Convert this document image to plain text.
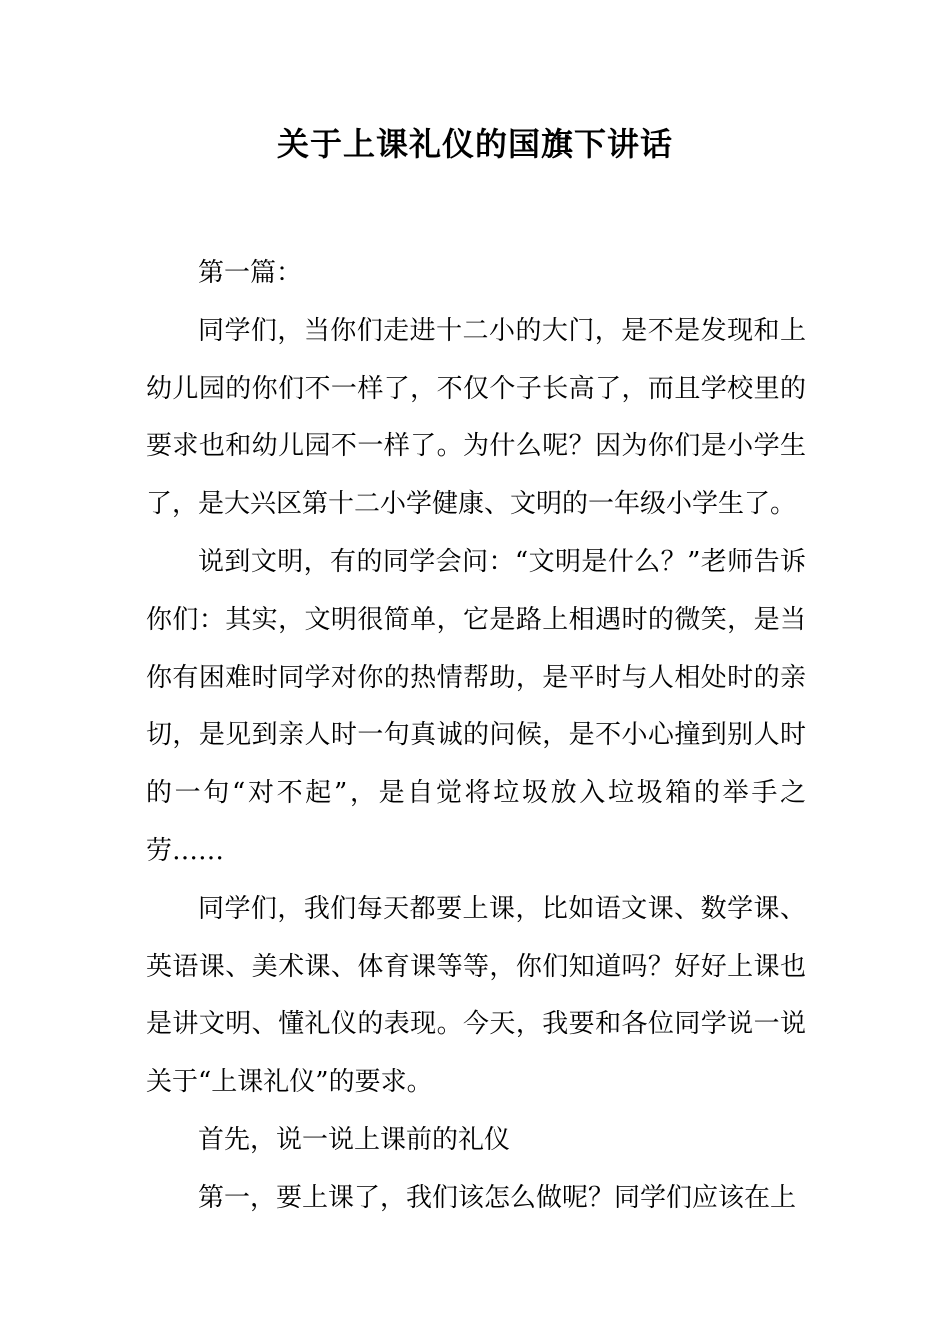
关于上课礼仪的国旗下讲话

第一篇：

同学们，当你们走进十二小的大门，是不是发现和上幼儿园的你们不一样了，不仅个子长高了，而且学校里的要求也和幼儿园不一样了。为什么呢？因为你们是小学生了，是大兴区第十二小学健康、文明的一年级小学生了。

说到文明，有的同学会问：“文明是什么？”老师告诉你们：其实，文明很简单，它是路上相遇时的微笑，是当你有困难时同学对你的热情帮助，是平时与人相处时的亲切，是见到亲人时一句真诚的问候，是不小心撞到别人时的一句“对不起”，是自觉将垃圾放入垃圾箱的举手之劳……

同学们，我们每天都要上课，比如语文课、数学课、英语课、美术课、体育课等等，你们知道吗？好好上课也是讲文明、懂礼仪的表现。今天，我要和各位同学说一说关于“上课礼仪”的要求。

首先，说一说上课前的礼仪

第一，要上课了，我们该怎么做呢？同学们应该在上
